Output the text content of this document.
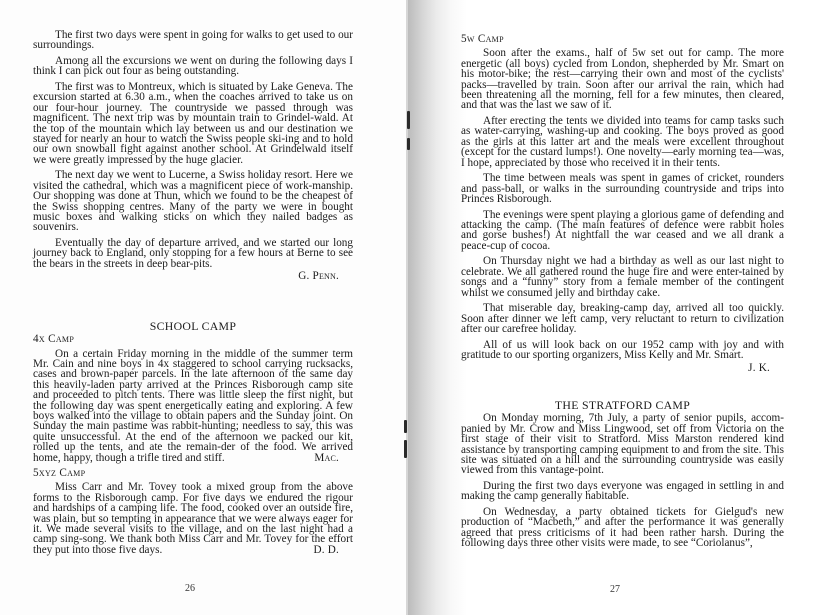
The first two days were spent in going for walks to get used to our surroundings.

Among all the excursions we went on during the following days I think I can pick out four as being outstanding.

The first was to Montreux, which is situated by Lake Geneva. The excursion started at 6.30 a.m., when the coaches arrived to take us on our four-hour journey. The countryside we passed through was magnificent. The next trip was by mountain train to Grindel-wald. At the top of the mountain which lay between us and our destination we stayed for nearly an hour to watch the Swiss people ski-ing and to hold our own snowball fight against another school. At Grindelwald itself we were greatly impressed by the huge glacier.

The next day we went to Lucerne, a Swiss holiday resort. Here we visited the cathedral, which was a magnificent piece of work-manship. Our shopping was done at Thun, which we found to be the cheapest of the Swiss shopping centres. Many of the party we were in bought music boxes and walking sticks on which they nailed badges as souvenirs.

Eventually the day of departure arrived, and we started our long journey back to England, only stopping for a few hours at Berne to see the bears in the streets in deep bear-pits.

G. Penn.
SCHOOL CAMP
4x Camp

On a certain Friday morning in the middle of the summer term Mr. Cain and nine boys in 4x staggered to school carrying rucksacks, cases and brown-paper parcels. In the late afternoon of the same day this heavily-laden party arrived at the Princes Risborough camp site and proceeded to pitch tents. There was little sleep the first night, but the following day was spent energetically eating and exploring. A few boys walked into the village to obtain papers and the Sunday joint. On Sunday the main pastime was rabbit-hunting; needless to say, this was quite unsuccessful. At the end of the afternoon we packed our kit, rolled up the tents, and ate the remain-der of the food. We arrived home, happy, though a trifle tired and stiff.	Mac.
5xyz Camp

Miss Carr and Mr. Tovey took a mixed group from the above forms to the Risborough camp. For five days we endured the rigour and hardships of a camping life. The food, cooked over an outside fire, was plain, but so tempting in appearance that we were always eager for it. We made several visits to the village, and on the last night had a camp sing-song. We thank both Miss Carr and Mr. Tovey for the effort they put into those five days.	D. D.
26
5w Camp

Soon after the exams., half of 5w set out for camp. The more energetic (all boys) cycled from London, shepherded by Mr. Smart on his motor-bike; the rest—carrying their own and most of the cyclists' packs—travelled by train. Soon after our arrival the rain, which had been threatening all the morning, fell for a few minutes, then cleared, and that was the last we saw of it.

After erecting the tents we divided into teams for camp tasks such as water-carrying, washing-up and cooking. The boys proved as good as the girls at this latter art and the meals were excellent throughout (except for the custard lumps!). One novelty—early morning tea—was, I hope, appreciated by those who received it in their tents.

The time between meals was spent in games of cricket, rounders and pass-ball, or walks in the surrounding countryside and trips into Princes Risborough.

The evenings were spent playing a glorious game of defending and attacking the camp. (The main features of defence were rabbit holes and gorse bushes!) At nightfall the war ceased and we all drank a peace-cup of cocoa.

On Thursday night we had a birthday as well as our last night to celebrate. We all gathered round the huge fire and were enter-tained by songs and a “funny” story from a female member of the contingent whilst we consumed jelly and birthday cake.

That miserable day, breaking-camp day, arrived all too quickly. Soon after dinner we left camp, very reluctant to return to civilization after our carefree holiday.

All of us will look back on our 1952 camp with joy and with gratitude to our sporting organizers, Miss Kelly and Mr. Smart.

J. K.
THE STRATFORD CAMP

On Monday morning, 7th July, a party of senior pupils, accom-panied by Mr. Crow and Miss Lingwood, set off from Victoria on the first stage of their visit to Stratford. Miss Marston rendered kind assistance by transporting camping equipment to and from the site. This site was situated on a hill and the surrounding countryside was easily viewed from this vantage-point.

During the first two days everyone was engaged in settling in and making the camp generally habitable.

On Wednesday, a party obtained tickets for Gielgud's new production of “Macbeth,” and after the performance it was generally agreed that press criticisms of it had been rather harsh. During the following days three other visits were made, to see “Coriolanus”,

27
